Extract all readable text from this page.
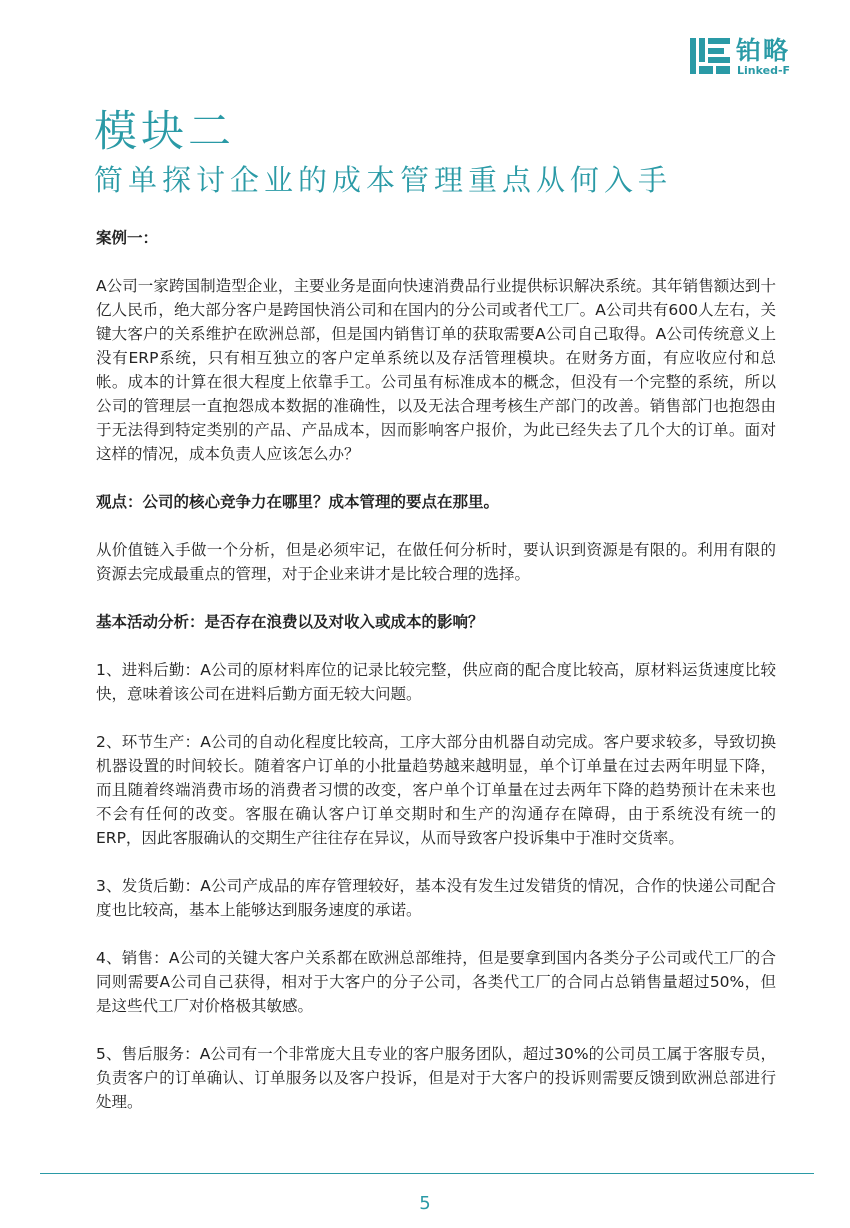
铂略
Linked-F
模块二
简单探讨企业的成本管理重点从何入手

案例一：

A公司一家跨国制造型企业，主要业务是面向快速消费品行业提供标识解决系统。其年销售额达到十亿人民币，绝大部分客户是跨国快消公司和在国内的分公司或者代工厂。A公司共有600人左右，关键大客户的关系维护在欧洲总部，但是国内销售订单的获取需要A公司自己取得。A公司传统意义上没有ERP系统，只有相互独立的客户定单系统以及存活管理模块。在财务方面，有应收应付和总帐。成本的计算在很大程度上依靠手工。公司虽有标准成本的概念，但没有一个完整的系统，所以公司的管理层一直抱怨成本数据的准确性，以及无法合理考核生产部门的改善。销售部门也抱怨由于无法得到特定类别的产品、产品成本，因而影响客户报价，为此已经失去了几个大的订单。面对这样的情况，成本负责人应该怎么办？

观点：公司的核心竞争力在哪里？成本管理的要点在那里。

从价值链入手做一个分析，但是必须牢记，在做任何分析时，要认识到资源是有限的。利用有限的资源去完成最重点的管理，对于企业来讲才是比较合理的选择。

基本活动分析：是否存在浪费以及对收入或成本的影响？

1、进料后勤：A公司的原材料库位的记录比较完整，供应商的配合度比较高，原材料运货速度比较快，意味着该公司在进料后勤方面无较大问题。

2、环节生产：A公司的自动化程度比较高，工序大部分由机器自动完成。客户要求较多，导致切换机器设置的时间较长。随着客户订单的小批量趋势越来越明显，单个订单量在过去两年明显下降，而且随着终端消费市场的消费者习惯的改变，客户单个订单量在过去两年下降的趋势预计在未来也不会有任何的改变。客服在确认客户订单交期时和生产的沟通存在障碍，由于系统没有统一的ERP，因此客服确认的交期生产往往存在异议，从而导致客户投诉集中于准时交货率。

3、发货后勤：A公司产成品的库存管理较好，基本没有发生过发错货的情况，合作的快递公司配合度也比较高，基本上能够达到服务速度的承诺。

4、销售：A公司的关键大客户关系都在欧洲总部维持，但是要拿到国内各类分子公司或代工厂的合同则需要A公司自己获得，相对于大客户的分子公司，各类代工厂的合同占总销售量超过50%，但是这些代工厂对价格极其敏感。

5、售后服务：A公司有一个非常庞大且专业的客户服务团队，超过30%的公司员工属于客服专员，负责客户的订单确认、订单服务以及客户投诉，但是对于大客户的投诉则需要反馈到欧洲总部进行处理。

5
